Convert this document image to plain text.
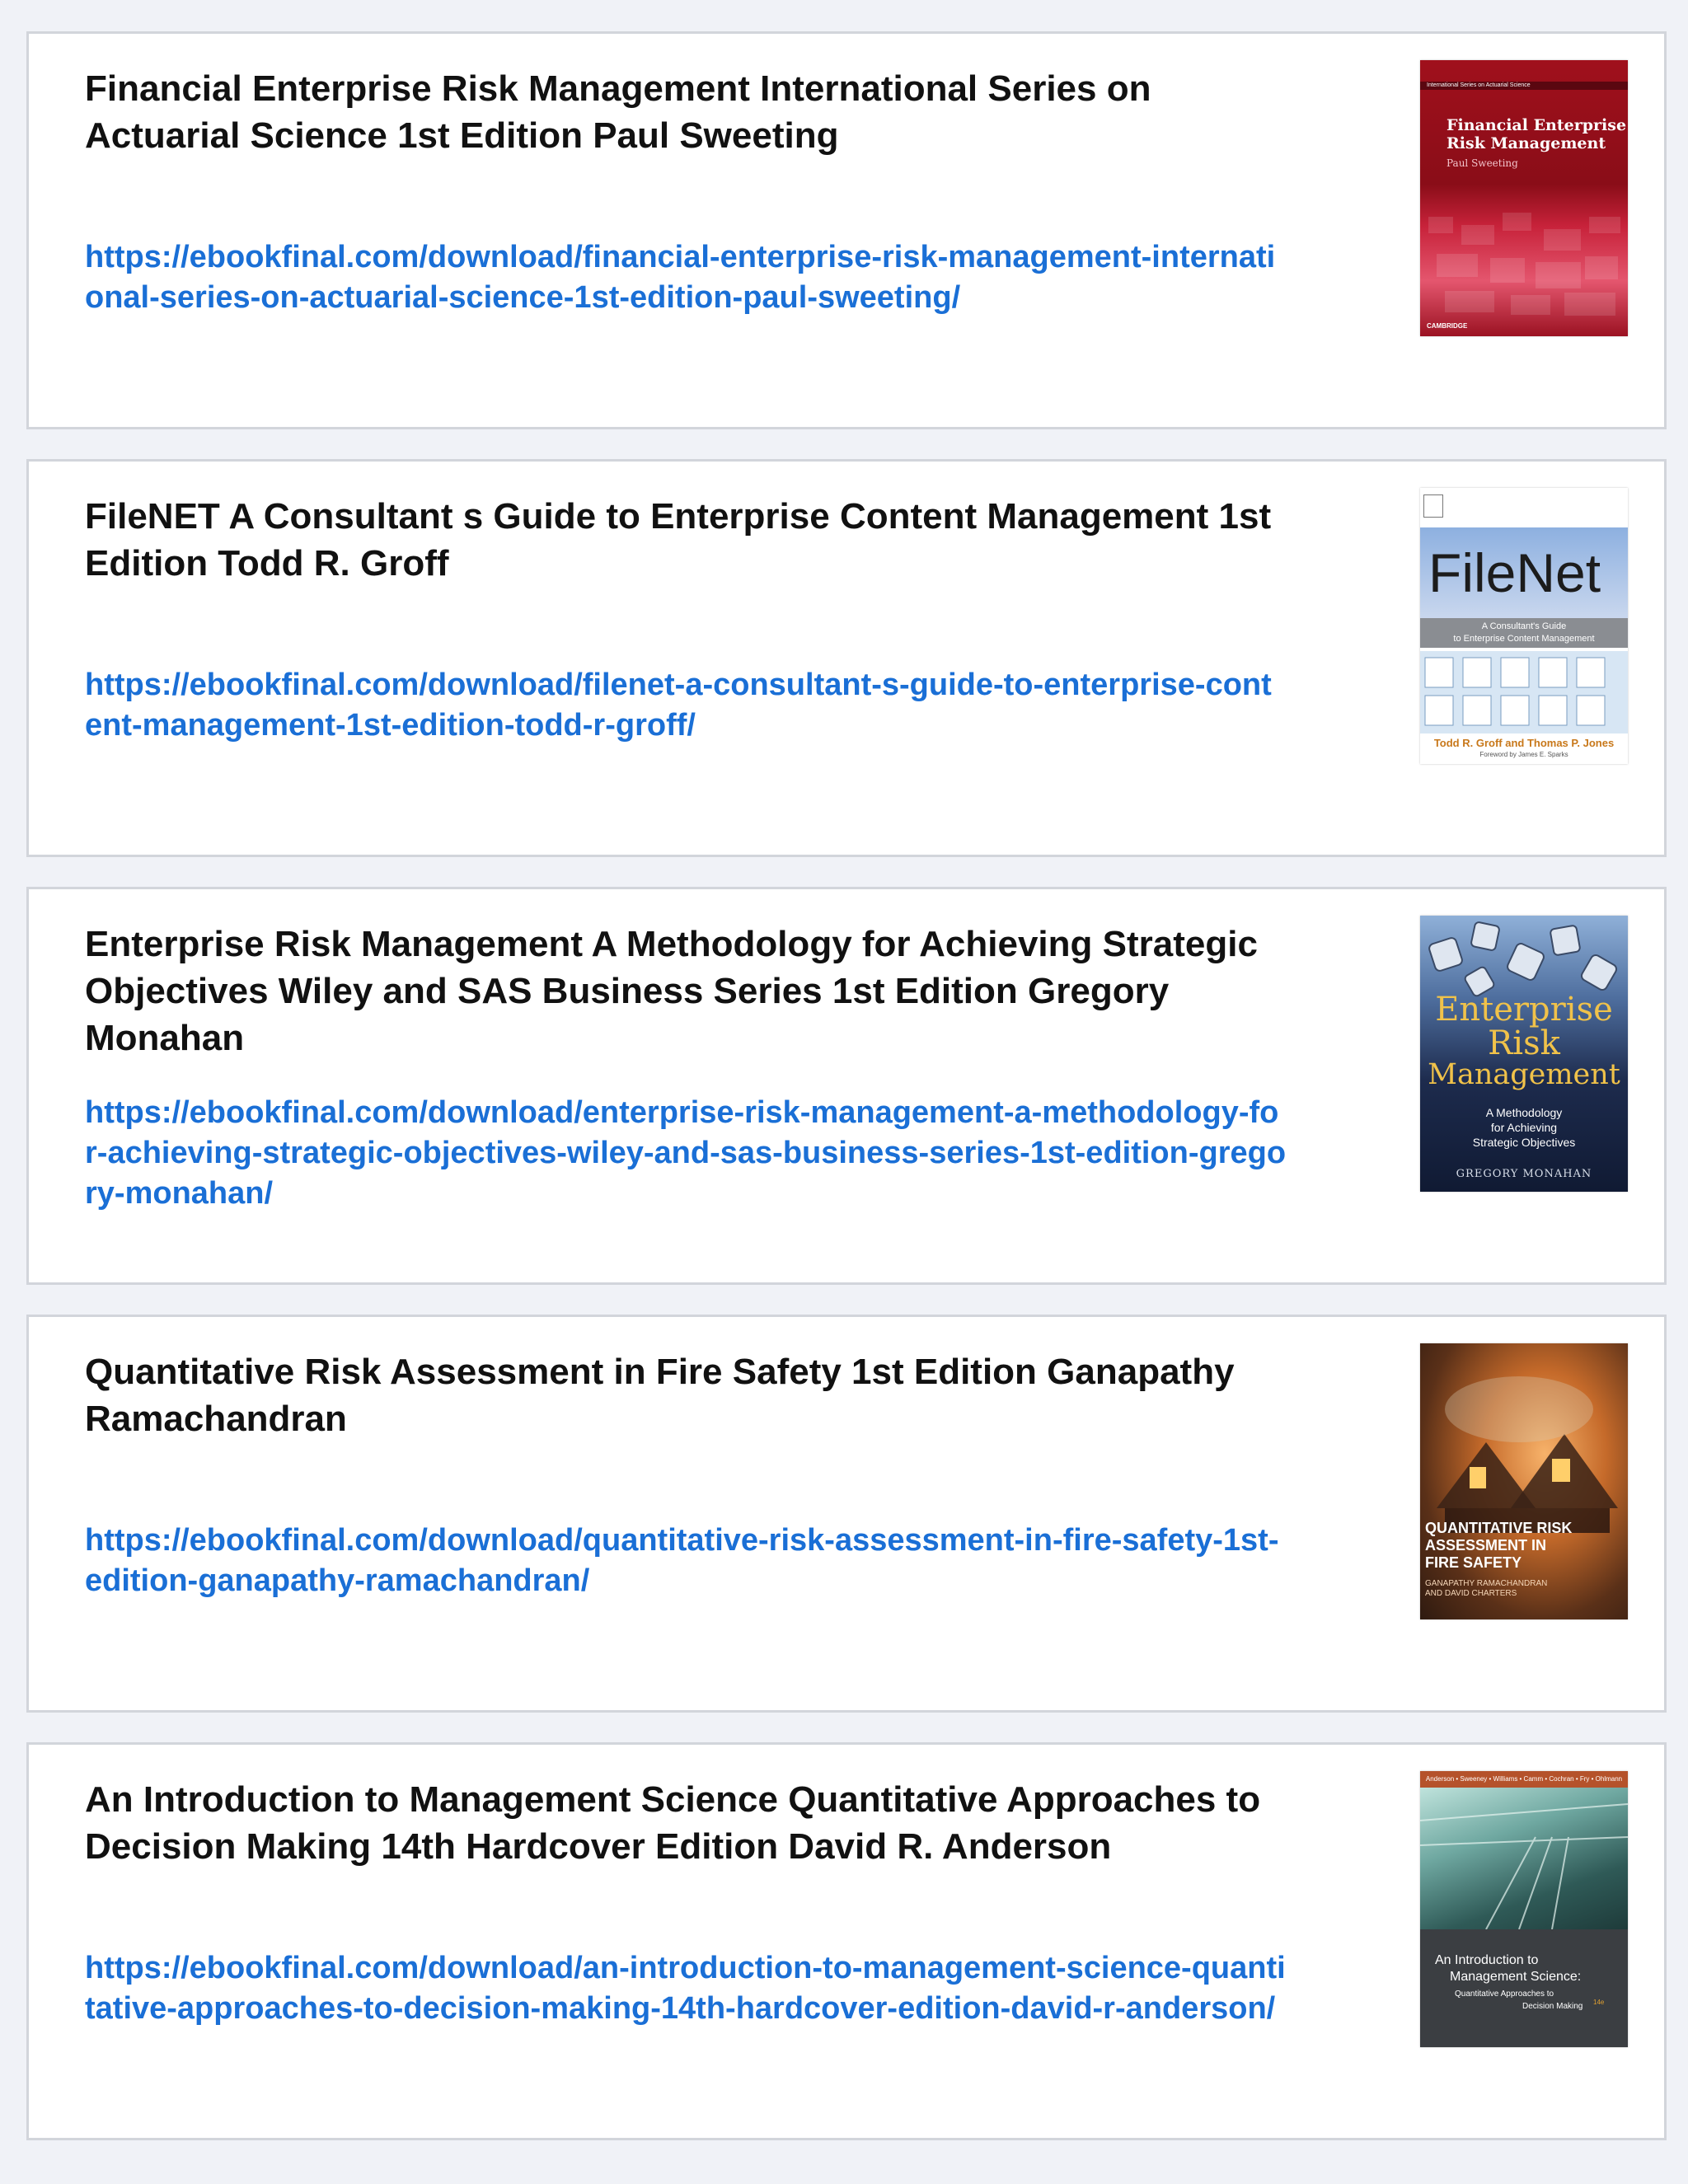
Financial Enterprise Risk Management International Series on Actuarial Science 1st Edition Paul Sweeting
https://ebookfinal.com/download/financial-enterprise-risk-management-international-series-on-actuarial-science-1st-edition-paul-sweeting/
International Series on Actuarial Science
Financial Enterprise
Risk Management
Paul Sweeting
CAMBRIDGE
FileNET A Consultant s Guide to Enterprise Content Management 1st Edition Todd R. Groff
https://ebookfinal.com/download/filenet-a-consultant-s-guide-to-enterprise-content-management-1st-edition-todd-r-groff/
FileNet
A Consultant's Guide
to Enterprise Content Management
Todd R. Groff and Thomas P. Jones
Foreword by James E. Sparks
Enterprise Risk Management A Methodology for Achieving Strategic Objectives Wiley and SAS Business Series 1st Edition Gregory Monahan
https://ebookfinal.com/download/enterprise-risk-management-a-methodology-for-achieving-strategic-objectives-wiley-and-sas-business-series-1st-edition-gregory-monahan/
Enterprise
Risk
Management
A Methodology
for Achieving
Strategic Objectives
GREGORY MONAHAN
Quantitative Risk Assessment in Fire Safety 1st Edition Ganapathy Ramachandran
https://ebookfinal.com/download/quantitative-risk-assessment-in-fire-safety-1st-edition-ganapathy-ramachandran/
QUANTITATIVE RISK
ASSESSMENT IN
FIRE SAFETY
GANAPATHY RAMACHANDRAN
AND DAVID CHARTERS
An Introduction to Management Science Quantitative Approaches to Decision Making 14th Hardcover Edition David R. Anderson
https://ebookfinal.com/download/an-introduction-to-management-science-quantitative-approaches-to-decision-making-14th-hardcover-edition-david-r-anderson/
Anderson • Sweeney • Williams • Camm • Cochran • Fry • Ohlmann
An Introduction to
Management Science:
Quantitative Approaches to
Decision Making 14e
